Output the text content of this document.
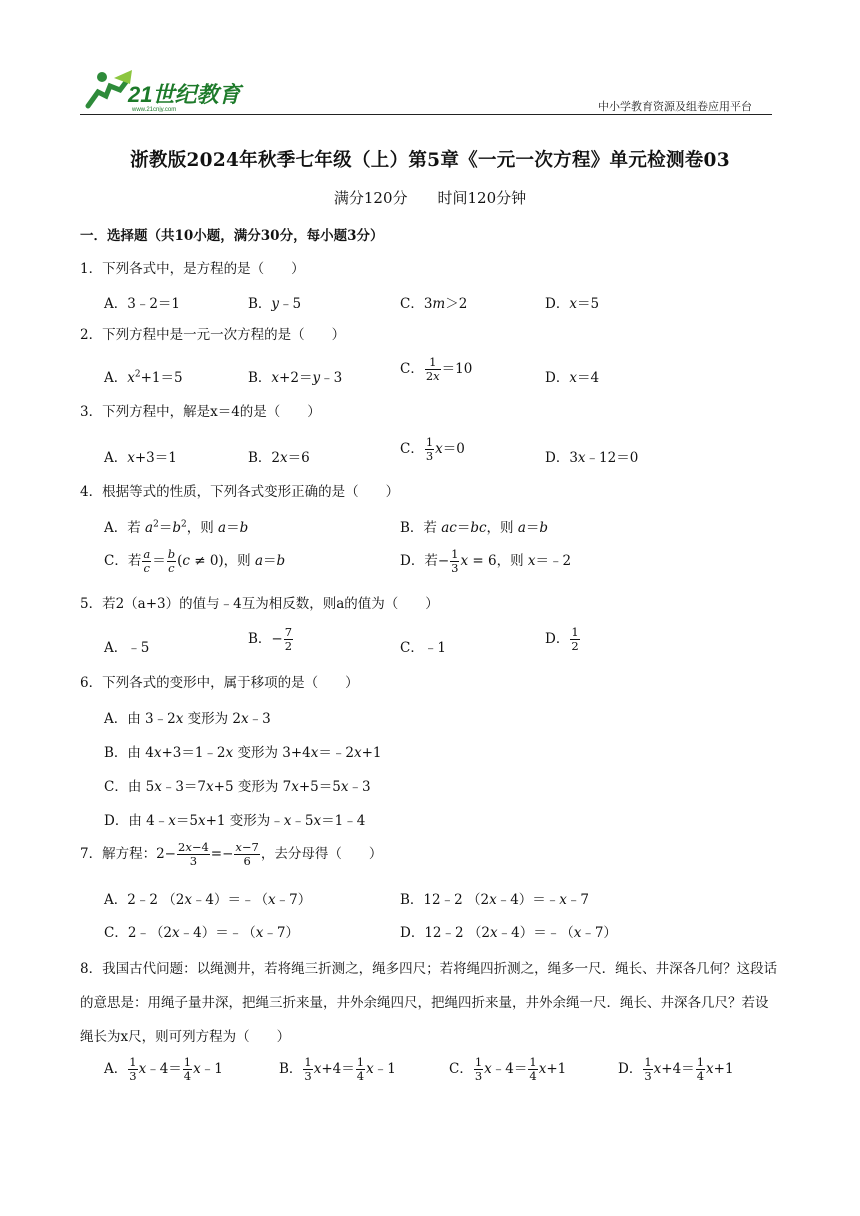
21世纪教育
www.21cnjy.com	中小学教育资源及组卷应用平台
浙教版2024年秋季七年级（上）第5章《一元一次方程》单元检测卷03
满分120分　　时间120分钟
一．选择题（共10小题，满分30分，每小题3分）
1．下列各式中，是方程的是（　　）
A．3﹣2＝1	B．y﹣5	C．3m＞2	D．x＝5
2．下列方程中是一元一次方程的是（　　）
A．$x^2+1=5$	B．x+2＝y﹣3
C． $\frac{1}{2x} =10$
D．x＝4
3．下列方程中，解是x＝4的是（　　）
A．x+3＝1	B．2x＝6
C． $\frac{1}{3} x=0$
D．3x﹣12＝0
4．根据等式的性质，下列各式变形正确的是（　　）
A．若 $a^2=b^2$，则 a＝b	B．若 ac＝bc，则 a＝b
C．若 $\frac{a}{c} = \frac{b}{c} (c \ne 0)$，则 a＝b	D．若− $\frac{1}{3}$ x = 6，则 x＝﹣2
5．若2（a+3）的值与﹣4互为相反数，则a的值为（　　）
A．﹣5
B．− $\frac{7}{2}$	C．﹣1
D． $\frac{1}{2}$
6．下列各式的变形中，属于移项的是（　　）
A．由 3﹣2x 变形为 2x﹣3
B．由 4x+3＝1﹣2x 变形为 3+4x＝﹣2x+1
C．由 5x﹣3＝7x+5 变形为 7x+5＝5x﹣3
D．由 4﹣x＝5x+1 变形为﹣x﹣5x＝1﹣4
7．解方程：$2- \frac{2x-4}{3} =- \frac{x-7}{6}$ ，去分母得（　　）
A．2﹣2 （2x﹣4）＝﹣（x﹣7）	B．12﹣2 （2x﹣4）＝﹣x﹣7
C．2﹣（2x﹣4）＝﹣（x﹣7）	D．12﹣2 （2x﹣4）＝﹣（x﹣7）
8．我国古代问题：以绳测井，若将绳三折测之，绳多四尺；若将绳四折测之，绳多一尺．绳长、井深各几何？这段话的意思是：用绳子量井深，把绳三折来量，井外余绳四尺，把绳四折来量，井外余绳一尺．绳长、井深各几尺？若设绳长为x尺，则可列方程为（　　）
A． $\frac{1}{3}$ x﹣4＝ $\frac{1}{4}$ x﹣1	B． $\frac{1}{3} x+4= \frac{1}{4}$ x﹣1	C． $\frac{1}{3}$ x﹣4＝ $\frac{1}{4} x+1$	D． $\frac{1}{3} x+4= \frac{1}{4} x+1$
